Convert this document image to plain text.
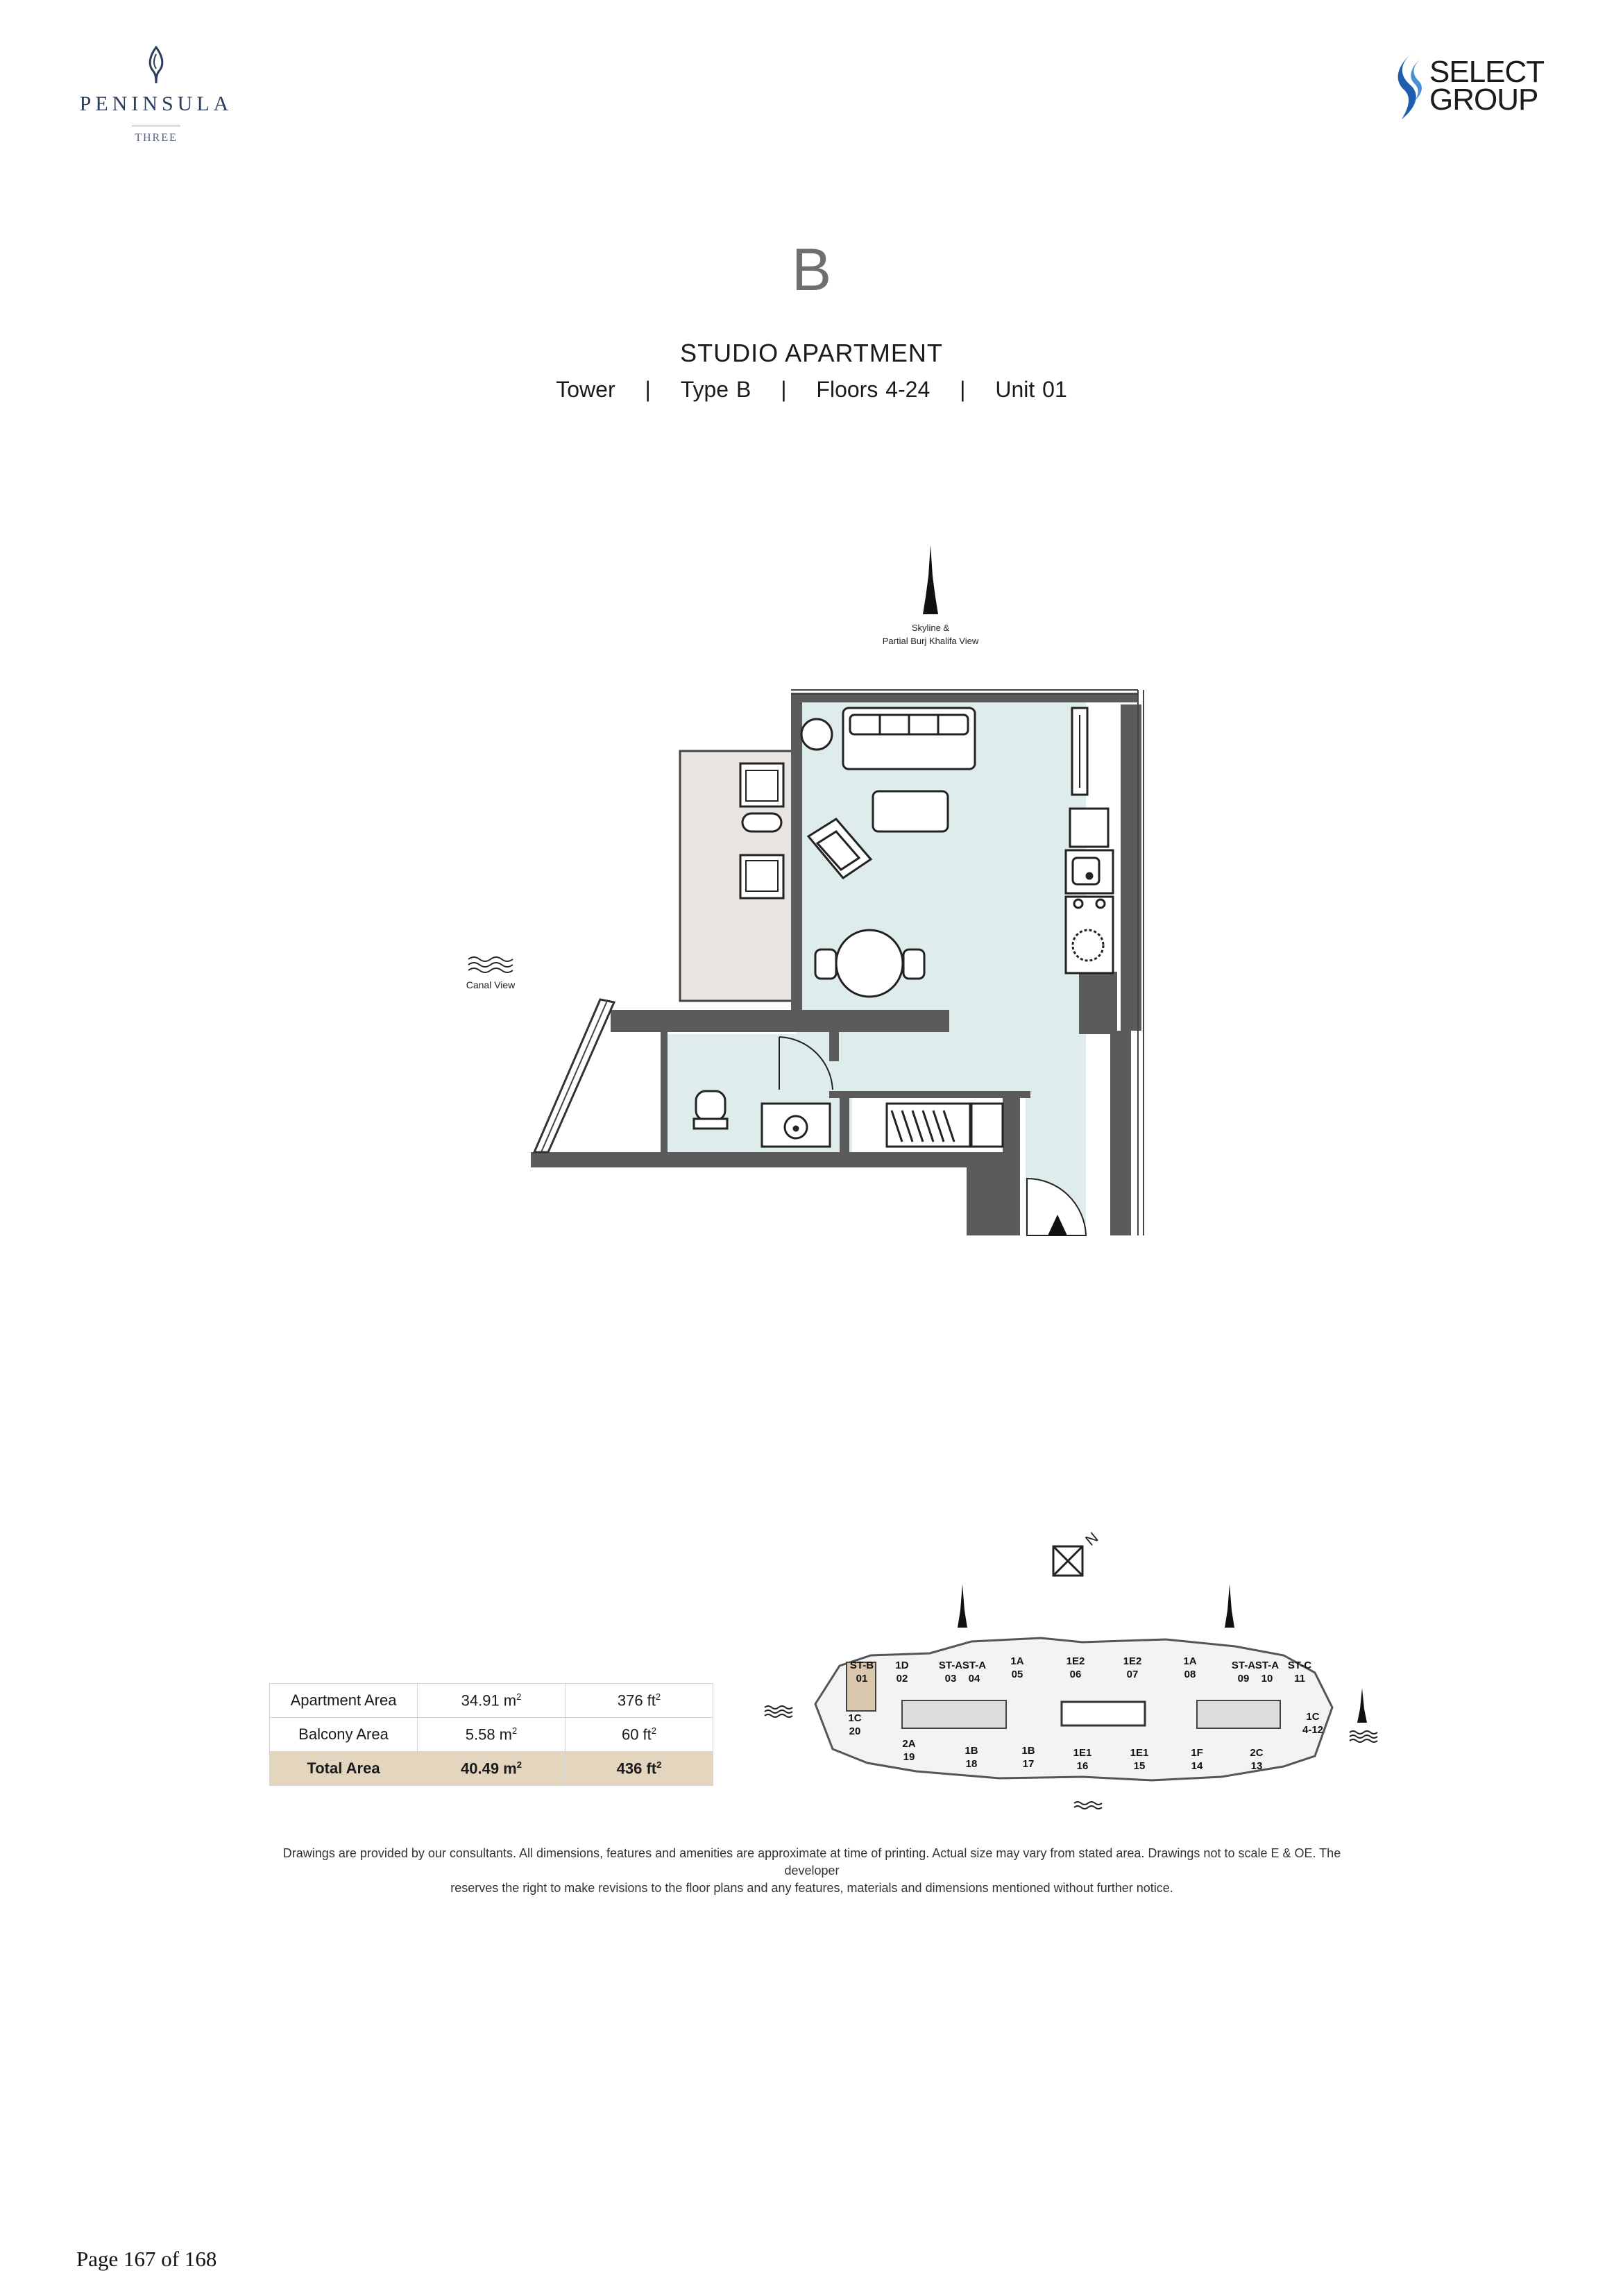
PENINSULA
THREE
SELECT
GROUP
B
STUDIO APARTMENT
Tower | Type B | Floors 4-24 | Unit 01
Skyline &
Partial Burj Khalifa View
Canal View
Apartment Area	34.91 $m^2$	376 $ft^2$
Balcony Area	5.58 $m^2$	60 $ft^2$
Total Area	40.49 $m^2$	436 $ft^2$
N
ST-B
01
1D
02
ST-A
03
ST-A
04
1A
05
1E2
06
1E2
07
1A
08
ST-A
09
ST-A
10
ST-C
11
1C
4-12
2C
13
1F
14
1E1
15
1E1
16
1B
17
1B
18
2A
19
1C
20
Drawings are provided by our consultants. All dimensions, features and amenities are approximate at time of printing. Actual size may vary from stated area. Drawings not to scale E & OE. The developer
reserves the right to make revisions to the floor plans and any features, materials and dimensions mentioned without further notice.
Page 167 of 168
